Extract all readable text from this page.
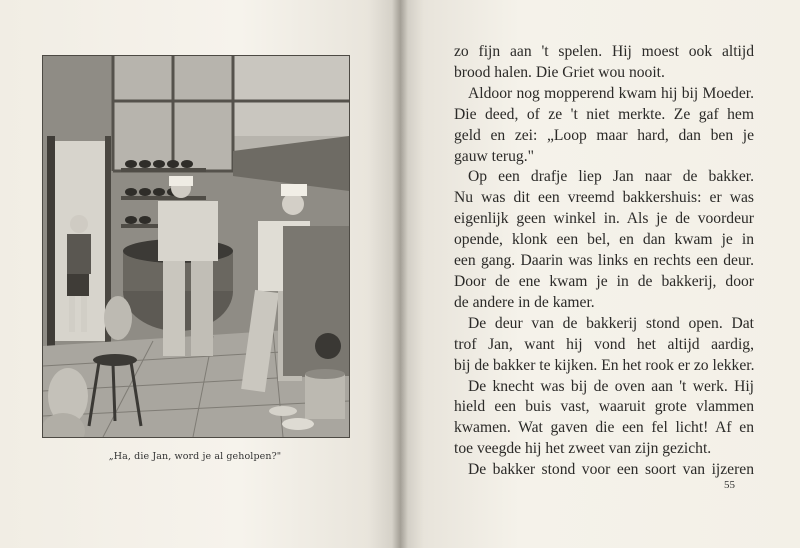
„Ha, die Jan, word je al geholpen?"
zo fijn aan 't spelen. Hij moest ook altijd
brood halen. Die Griet wou nooit.
Aldoor nog mopperend kwam hij bij Moeder.
Die deed, of ze 't niet merkte. Ze gaf hem
geld en zei: „Loop maar hard, dan ben je
gauw terug."
Op een drafje liep Jan naar de bakker.
Nu was dit een vreemd bakkershuis: er was
eigenlijk geen winkel in. Als je de voordeur
opende, klonk een bel, en dan kwam je in
een gang. Daarin was links en rechts een deur.
Door de ene kwam je in de bakkerij, door
de andere in de kamer.
De deur van de bakkerij stond open. Dat
trof Jan, want hij vond het altijd aardig,
bij de bakker te kijken. En het rook er zo lekker.
De knecht was bij de oven aan 't werk. Hij
hield een buis vast, waaruit grote vlammen
kwamen. Wat gaven die een fel licht! Af en
toe veegde hij het zweet van zijn gezicht.
De bakker stond voor een soort van ijzeren
55
